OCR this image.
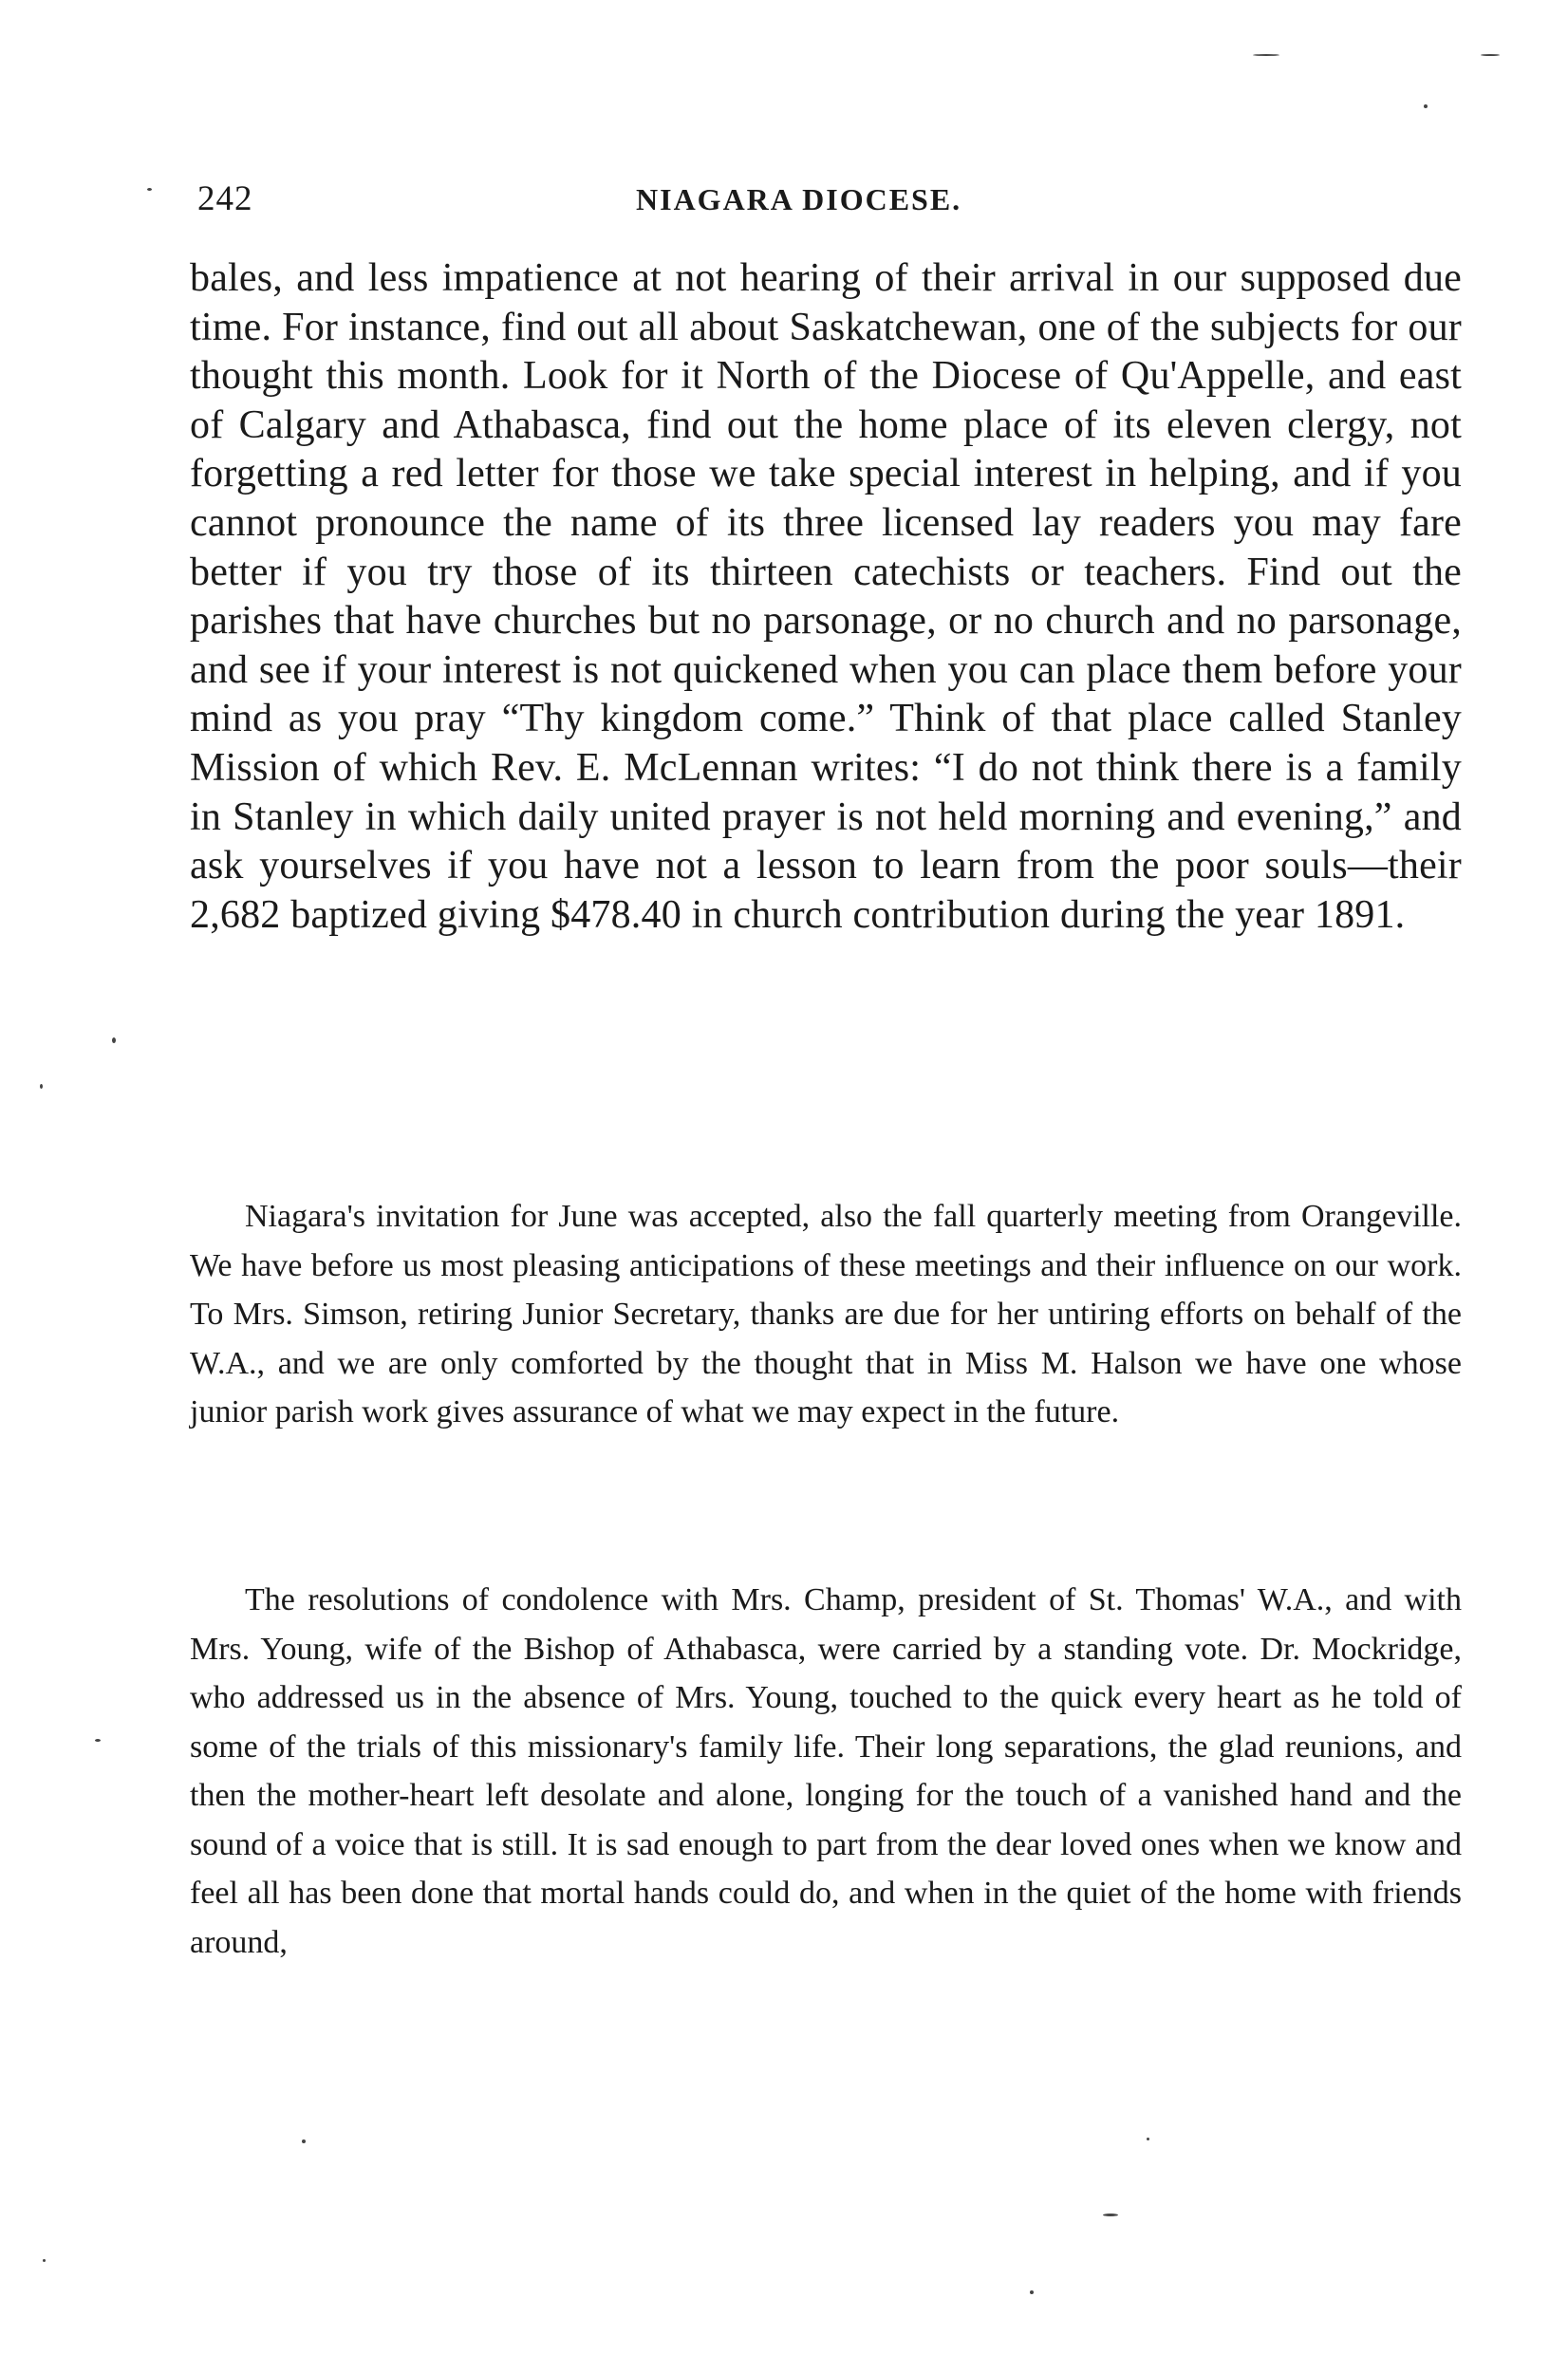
242	NIAGARA DIOCESE.

bales, and less impatience at not hearing of their arrival in our supposed due time. For instance, find out all about Saskatchewan, one of the subjects for our thought this month. Look for it North of the Diocese of Qu'Appelle, and east of Calgary and Athabasca, find out the home place of its eleven clergy, not forgetting a red letter for those we take special interest in helping, and if you cannot pronounce the name of its three licensed lay readers you may fare better if you try those of its thirteen catechists or teachers. Find out the parishes that have churches but no parsonage, or no church and no parsonage, and see if your interest is not quickened when you can place them before your mind as you pray “Thy kingdom come.” Think of that place called Stanley Mission of which Rev. E. McLennan writes: “I do not think there is a family in Stanley in which daily united prayer is not held morning and evening,” and ask yourselves if you have not a lesson to learn from the poor souls—their 2,682 baptized giving $478.40 in church contribution during the year 1891.

Niagara's invitation for June was accepted, also the fall quarterly meeting from Orangeville. We have before us most pleasing anticipations of these meetings and their influence on our work. To Mrs. Simson, retiring Junior Secretary, thanks are due for her untiring efforts on behalf of the W.A., and we are only comforted by the thought that in Miss M. Halson we have one whose junior parish work gives assurance of what we may expect in the future.

The resolutions of condolence with Mrs. Champ, president of St. Thomas' W.A., and with Mrs. Young, wife of the Bishop of Athabasca, were carried by a standing vote. Dr. Mockridge, who addressed us in the absence of Mrs. Young, touched to the quick every heart as he told of some of the trials of this missionary's family life. Their long separations, the glad reunions, and then the mother-heart left desolate and alone, longing for the touch of a vanished hand and the sound of a voice that is still. It is sad enough to part from the dear loved ones when we know and feel all has been done that mortal hands could do, and when in the quiet of the home with friends around,
